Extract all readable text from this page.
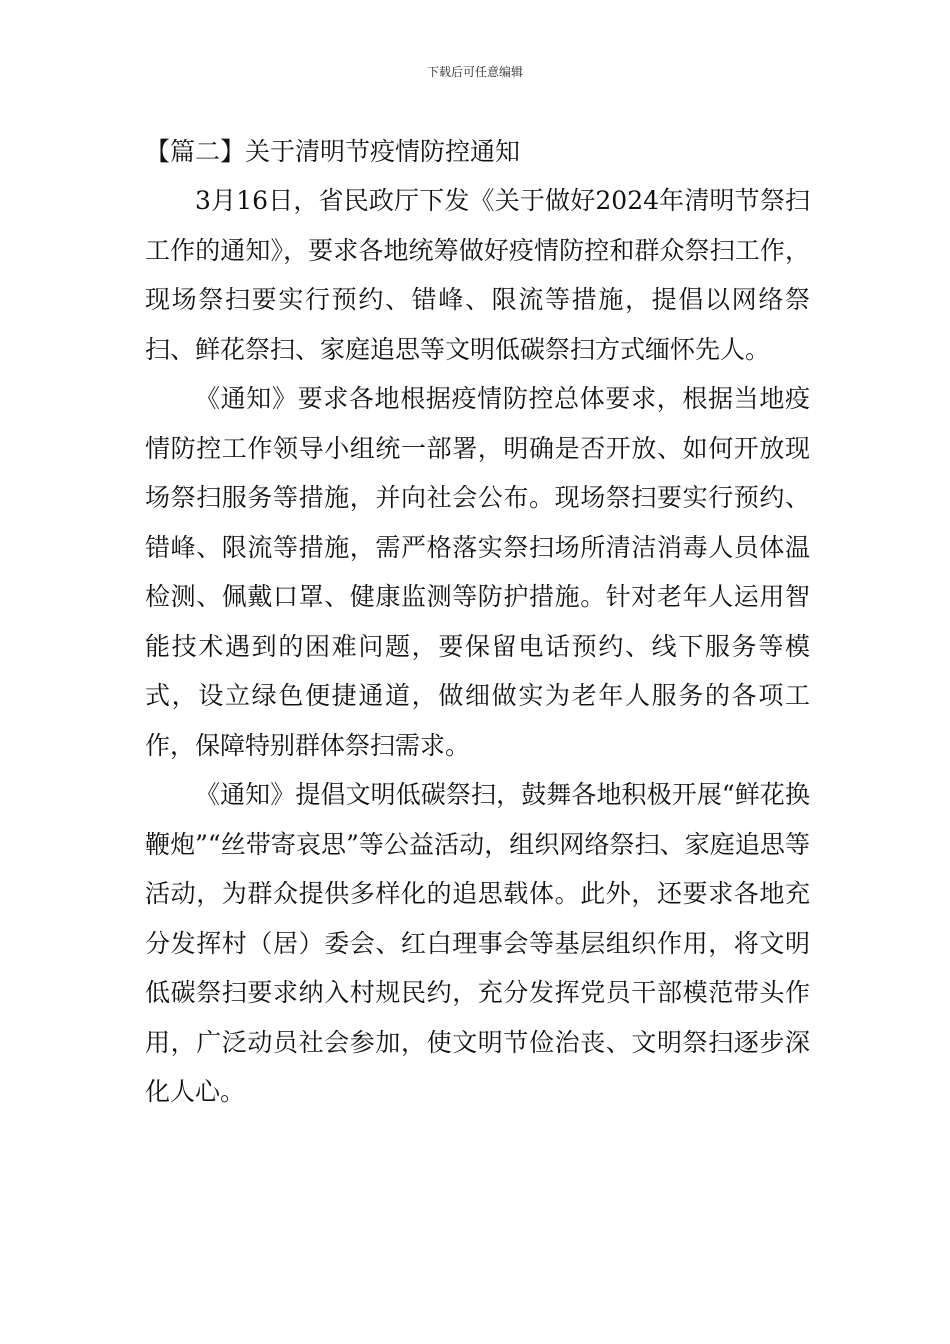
下载后可任意编辑
【篇二】关于清明节疫情防控通知

3月16日，省民政厅下发《关于做好2024年清明节祭扫工作的通知》，要求各地统筹做好疫情防控和群众祭扫工作，现场祭扫要实行预约、错峰、限流等措施，提倡以网络祭扫、鲜花祭扫、家庭追思等文明低碳祭扫方式缅怀先人。

《通知》要求各地根据疫情防控总体要求，根据当地疫情防控工作领导小组统一部署，明确是否开放、如何开放现场祭扫服务等措施，并向社会公布。现场祭扫要实行预约、错峰、限流等措施，需严格落实祭扫场所清洁消毒人员体温检测、佩戴口罩、健康监测等防护措施。针对老年人运用智能技术遇到的困难问题，要保留电话预约、线下服务等模式，设立绿色便捷通道，做细做实为老年人服务的各项工作，保障特别群体祭扫需求。

《通知》提倡文明低碳祭扫，鼓舞各地积极开展“鲜花换鞭炮”“丝带寄哀思”等公益活动，组织网络祭扫、家庭追思等活动，为群众提供多样化的追思载体。此外，还要求各地充分发挥村（居）委会、红白理事会等基层组织作用，将文明低碳祭扫要求纳入村规民约，充分发挥党员干部模范带头作用，广泛动员社会参加，使文明节俭治丧、文明祭扫逐步深化人心。
